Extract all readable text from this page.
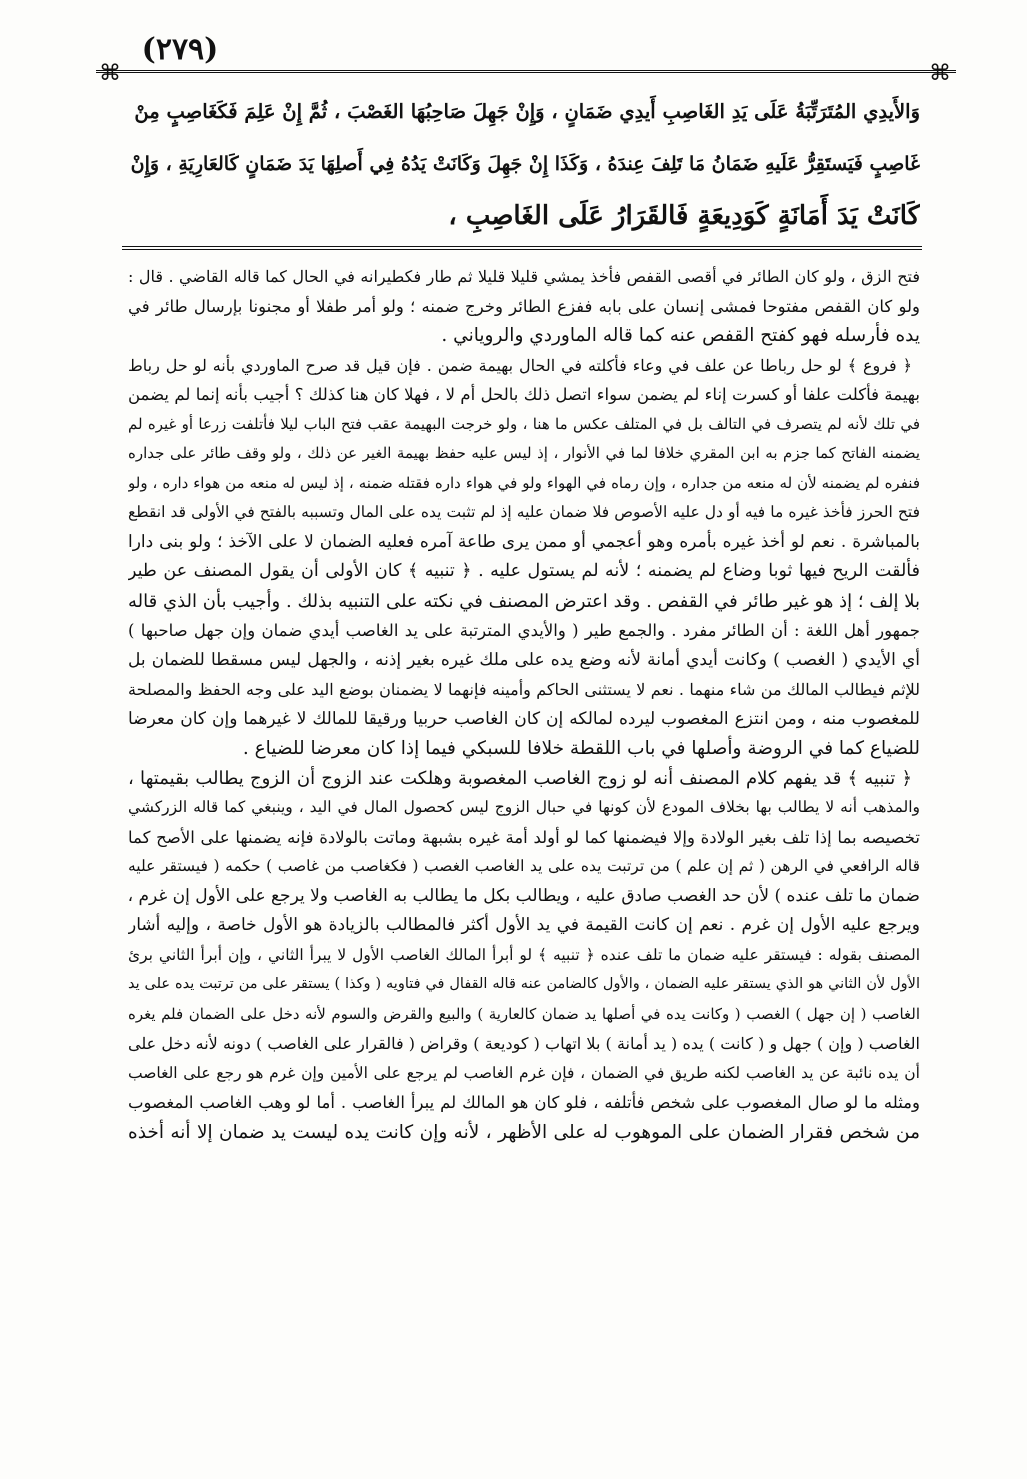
(٢٧٩)
⌘	⌘
وَالأَيدِي المُتَرَتِّبَةُ عَلَى يَدِ الغَاصِبِ أَيدِي ضَمَانٍ ، وَإِنْ جَهِلَ صَاحِبُهَا الغَصْبَ ، ثُمَّ إِنْ عَلِمَ فَكَغَاصِبٍ مِنْ
غَاصِبٍ فَيَستَقِرُّ عَلَيهِ ضَمَانُ مَا تَلِفَ عِندَهُ ، وَكَذَا إِنْ جَهِلَ وَكَانَتْ يَدُهُ فِي أَصلِهَا يَدَ ضَمَانٍ كَالعَارِيَةِ ، وَإِنْ
كَانَتْ يَدَ أَمَانَةٍ كَوَدِيعَةٍ فَالقَرَارُ عَلَى الغَاصِبِ ،
فتح الزق ، ولو كان الطائر في أقصى القفص فأخذ يمشي قليلا قليلا ثم طار فكطيرانه في الحال كما قاله القاضي . قال :
ولو كان القفص مفتوحا فمشى إنسان على بابه ففزع الطائر وخرج ضمنه ؛ ولو أمر طفلا أو مجنونا بإرسال طائر في
يده فأرسله فهو كفتح القفص عنه كما قاله الماوردي والروياني .
﴿ فروع ﴾ لو حل رباطا عن علف في وعاء فأكلته في الحال بهيمة ضمن . فإن قيل قد صرح الماوردي بأنه لو حل رباط
بهيمة فأكلت علفا أو كسرت إناء لم يضمن سواء اتصل ذلك بالحل أم لا ، فهلا كان هنا كذلك ؟ أجيب بأنه إنما لم يضمن
في تلك لأنه لم يتصرف في التالف بل في المتلف عكس ما هنا ، ولو خرجت البهيمة عقب فتح الباب ليلا فأتلفت زرعا أو غيره لم
يضمنه الفاتح كما جزم به ابن المقري خلافا لما في الأنوار ، إذ ليس عليه حفظ بهيمة الغير عن ذلك ، ولو وقف طائر على جداره
فنفره لم يضمنه لأن له منعه من جداره ، وإن رماه في الهواء ولو في هواء داره فقتله ضمنه ، إذ ليس له منعه من هواء داره ، ولو
فتح الحرز فأخذ غيره ما فيه أو دل عليه الأصوص فلا ضمان عليه إذ لم تثبت يده على المال وتسببه بالفتح في الأولى قد انقطع
بالمباشرة . نعم لو أخذ غيره بأمره وهو أعجمي أو ممن يرى طاعة آمره فعليه الضمان لا على الآخذ ؛ ولو بنى دارا
فألقت الريح فيها ثوبا وضاع لم يضمنه ؛ لأنه لم يستول عليه . ﴿ تنبيه ﴾ كان الأولى أن يقول المصنف عن طير
بلا إلف ؛ إذ هو غير طائر في القفص . وقد اعترض المصنف في نكته على التنبيه بذلك . وأجيب بأن الذي قاله
جمهور أهل اللغة : أن الطائر مفرد . والجمع طير ( والأيدي المترتبة على يد الغاصب أيدي ضمان وإن جهل صاحبها )
أي الأيدي ( الغصب ) وكانت أيدي أمانة لأنه وضع يده على ملك غيره بغير إذنه ، والجهل ليس مسقطا للضمان بل
للإثم فيطالب المالك من شاء منهما . نعم لا يستثنى الحاكم وأمينه فإنهما لا يضمنان بوضع اليد على وجه الحفظ والمصلحة
للمغصوب منه ، ومن انتزع المغصوب ليرده لمالكه إن كان الغاصب حربيا ورقيقا للمالك لا غيرهما وإن كان معرضا
للضياع كما في الروضة وأصلها في باب اللقطة خلافا للسبكي فيما إذا كان معرضا للضياع .
﴿ تنبيه ﴾ قد يفهم كلام المصنف أنه لو زوج الغاصب المغصوبة وهلكت عند الزوج أن الزوج يطالب بقيمتها ،
والمذهب أنه لا يطالب بها بخلاف المودع لأن كونها في حبال الزوج ليس كحصول المال في اليد ، وينبغي كما قاله الزركشي
تخصيصه بما إذا تلف بغير الولادة وإلا فيضمنها كما لو أولد أمة غيره بشبهة وماتت بالولادة فإنه يضمنها على الأصح كما
قاله الرافعي في الرهن ( ثم إن علم ) من ترتبت يده على يد الغاصب الغصب ( فكغاصب من غاصب ) حكمه ( فيستقر عليه
ضمان ما تلف عنده ) لأن حد الغصب صادق عليه ، ويطالب بكل ما يطالب به الغاصب ولا يرجع على الأول إن غرم ،
ويرجع عليه الأول إن غرم . نعم إن كانت القيمة في يد الأول أكثر فالمطالب بالزيادة هو الأول خاصة ، وإليه أشار
المصنف بقوله : فيستقر عليه ضمان ما تلف عنده ﴿ تنبيه ﴾ لو أبرأ المالك الغاصب الأول لا يبرأ الثاني ، وإن أبرأ الثاني برئ
الأول لأن الثاني هو الذي يستقر عليه الضمان ، والأول كالضامن عنه قاله القفال في فتاويه ( وكذا ) يستقر على من ترتبت يده على يد
الغاصب ( إن جهل ) الغصب ( وكانت يده في أصلها يد ضمان كالعارية ) والبيع والقرض والسوم لأنه دخل على الضمان فلم يغره
الغاصب ( وإن ) جهل و ( كانت ) يده ( يد أمانة ) بلا اتهاب ( كوديعة ) وقراض ( فالقرار على الغاصب ) دونه لأنه دخل على
أن يده نائبة عن يد الغاصب لكنه طريق في الضمان ، فإن غرم الغاصب لم يرجع على الأمين وإن غرم هو رجع على الغاصب
ومثله ما لو صال المغصوب على شخص فأتلفه ، فلو كان هو المالك لم يبرأ الغاصب . أما لو وهب الغاصب المغصوب
من شخص فقرار الضمان على الموهوب له على الأظهر ، لأنه وإن كانت يده ليست يد ضمان إلا أنه أخذه
